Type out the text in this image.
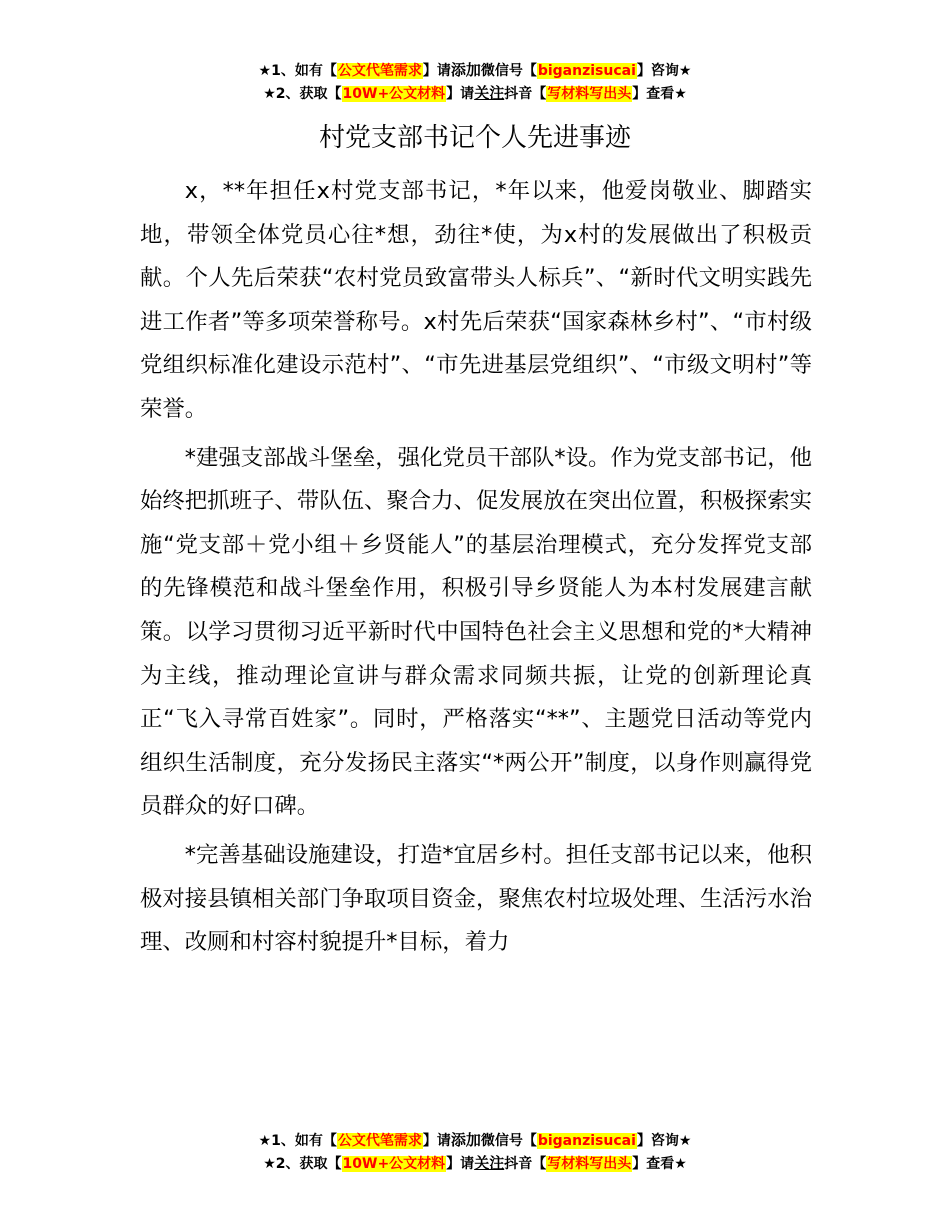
★1、如有【公文代笔需求】请添加微信号【biganzisucai】咨询★
★2、获取【10W+公文材料】请关注抖音【写材料写出头】查看★
村党支部书记个人先进事迹

x，**年担任x村党支部书记，*年以来，他爱岗敬业、脚踏实地，带领全体党员心往*想，劲往*使，为x村的发展做出了积极贡献。个人先后荣获“农村党员致富带头人标兵”、“新时代文明实践先进工作者”等多项荣誉称号。x村先后荣获“国家森林乡村”、“市村级党组织标准化建设示范村”、“市先进基层党组织”、“市级文明村”等荣誉。

*建强支部战斗堡垒，强化党员干部队*设。作为党支部书记，他始终把抓班子、带队伍、聚合力、促发展放在突出位置，积极探索实施“党支部＋党小组＋乡贤能人”的基层治理模式，充分发挥党支部的先锋模范和战斗堡垒作用，积极引导乡贤能人为本村发展建言献策。以学习贯彻习近平新时代中国特色社会主义思想和党的*大精神为主线，推动理论宣讲与群众需求同频共振，让党的创新理论真正“飞入寻常百姓家”。同时，严格落实“**”、主题党日活动等党内组织生活制度，充分发扬民主落实“*两公开”制度，以身作则赢得党员群众的好口碑。

*完善基础设施建设，打造*宜居乡村。担任支部书记以来，他积极对接县镇相关部门争取项目资金，聚焦农村垃圾处理、生活污水治理、改厕和村容村貌提升*目标，着力

★1、如有【公文代笔需求】请添加微信号【biganzisucai】咨询★
★2、获取【10W+公文材料】请关注抖音【写材料写出头】查看★
